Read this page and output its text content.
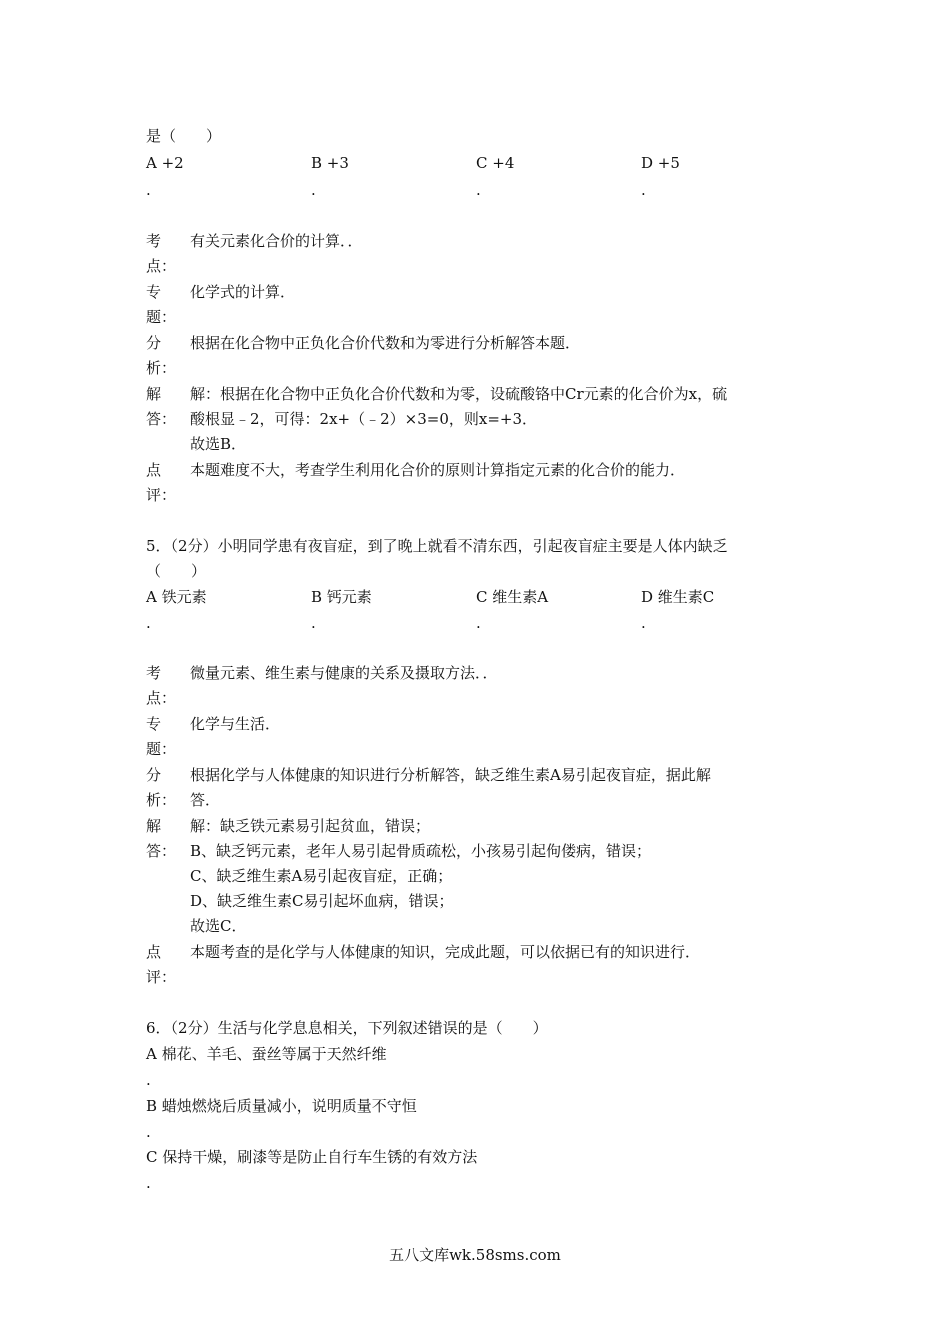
是（　　）
A +2	B +3	C +4	D +5
.	.	.	.
考 有关元素化合价的计算．．
点：
专 化学式的计算．
题：
分 根据在化合物中正负化合价代数和为零进行分析解答本题．
析：
解 解：根据在化合物中正负化合价代数和为零，设硫酸铬中Cr元素的化合价为x，硫
答： 酸根显﹣2，可得：2x+（﹣2）×3=0，则x=+3．
故选B．
点 本题难度不大，考查学生利用化合价的原则计算指定元素的化合价的能力．
评：
5．（2分）小明同学患有夜盲症，到了晚上就看不清东西，引起夜盲症主要是人体内缺乏
（　　）
A 铁元素	B 钙元素	C 维生素A	D 维生素C
.	.	.	.
考 微量元素、维生素与健康的关系及摄取方法．．
点：
专 化学与生活．
题：
分 根据化学与人体健康的知识进行分析解答，缺乏维生素A易引起夜盲症，据此解
析： 答．
解 解：缺乏铁元素易引起贫血，错误；
答： B、缺乏钙元素，老年人易引起骨质疏松，小孩易引起佝偻病，错误；
C、缺乏维生素A易引起夜盲症，正确；
D、缺乏维生素C易引起坏血病，错误；
故选C．
点 本题考查的是化学与人体健康的知识，完成此题，可以依据已有的知识进行．
评：
6．（2分）生活与化学息息相关，下列叙述错误的是（　　）
A 棉花、羊毛、蚕丝等属于天然纤维
.
B 蜡烛燃烧后质量减小，说明质量不守恒
.
C 保持干燥，刷漆等是防止自行车生锈的有效方法
.
五八文库wk.58sms.com
